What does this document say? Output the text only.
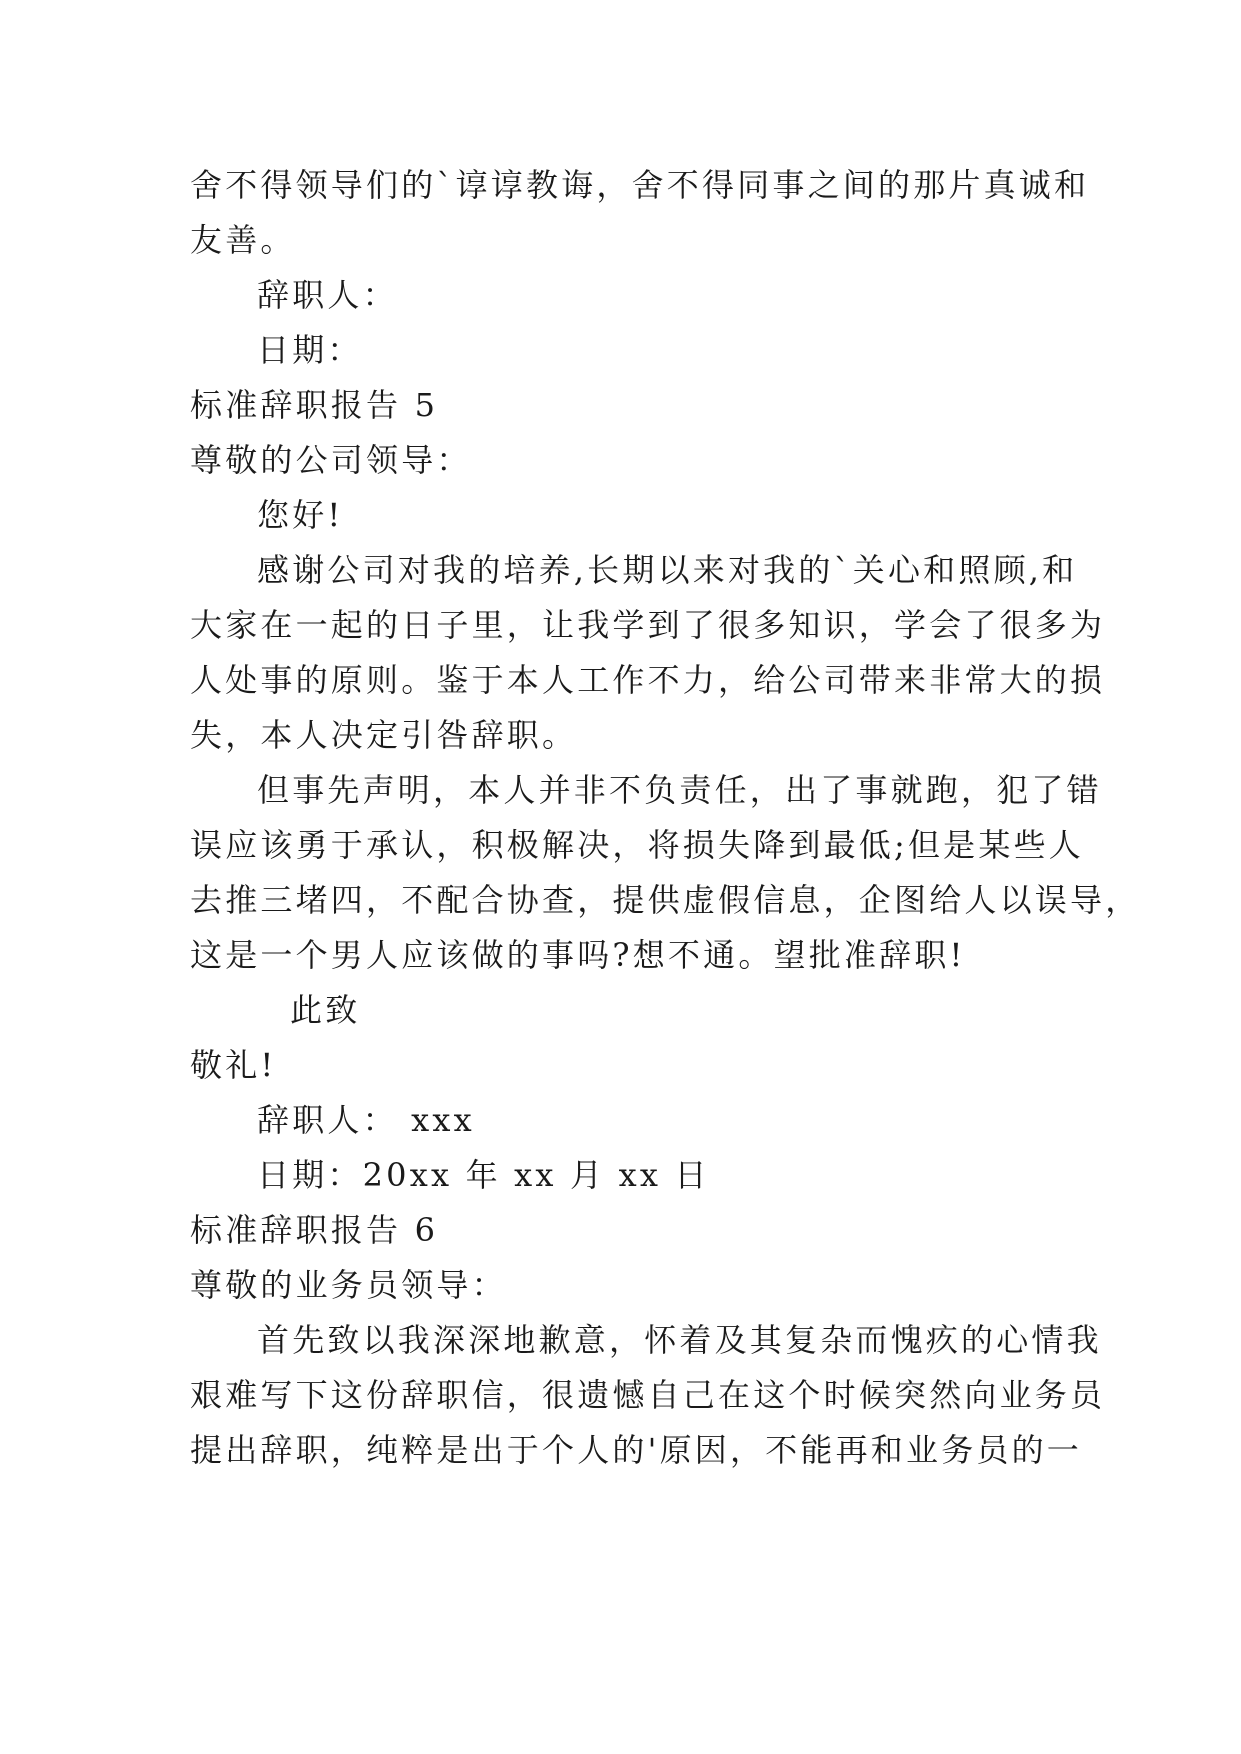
舍不得领导们的`谆谆教诲，舍不得同事之间的那片真诚和
友善。
辞职人：
日期：
标准辞职报告 5
尊敬的公司领导：
您好!
感谢公司对我的培养,长期以来对我的`关心和照顾,和
大家在一起的日子里，让我学到了很多知识，学会了很多为
人处事的原则。鉴于本人工作不力，给公司带来非常大的损
失，本人决定引咎辞职。
但事先声明，本人并非不负责任，出了事就跑，犯了错
误应该勇于承认，积极解决，将损失降到最低;但是某些人
去推三堵四，不配合协查，提供虚假信息，企图给人以误导，
这是一个男人应该做的事吗?想不通。望批准辞职!
此致
敬礼!
辞职人： xxx
日期：20xx 年 xx 月 xx 日
标准辞职报告 6
尊敬的业务员领导：
首先致以我深深地歉意，怀着及其复杂而愧疚的心情我
艰难写下这份辞职信，很遗憾自己在这个时候突然向业务员
提出辞职，纯粹是出于个人的'原因，不能再和业务员的一
